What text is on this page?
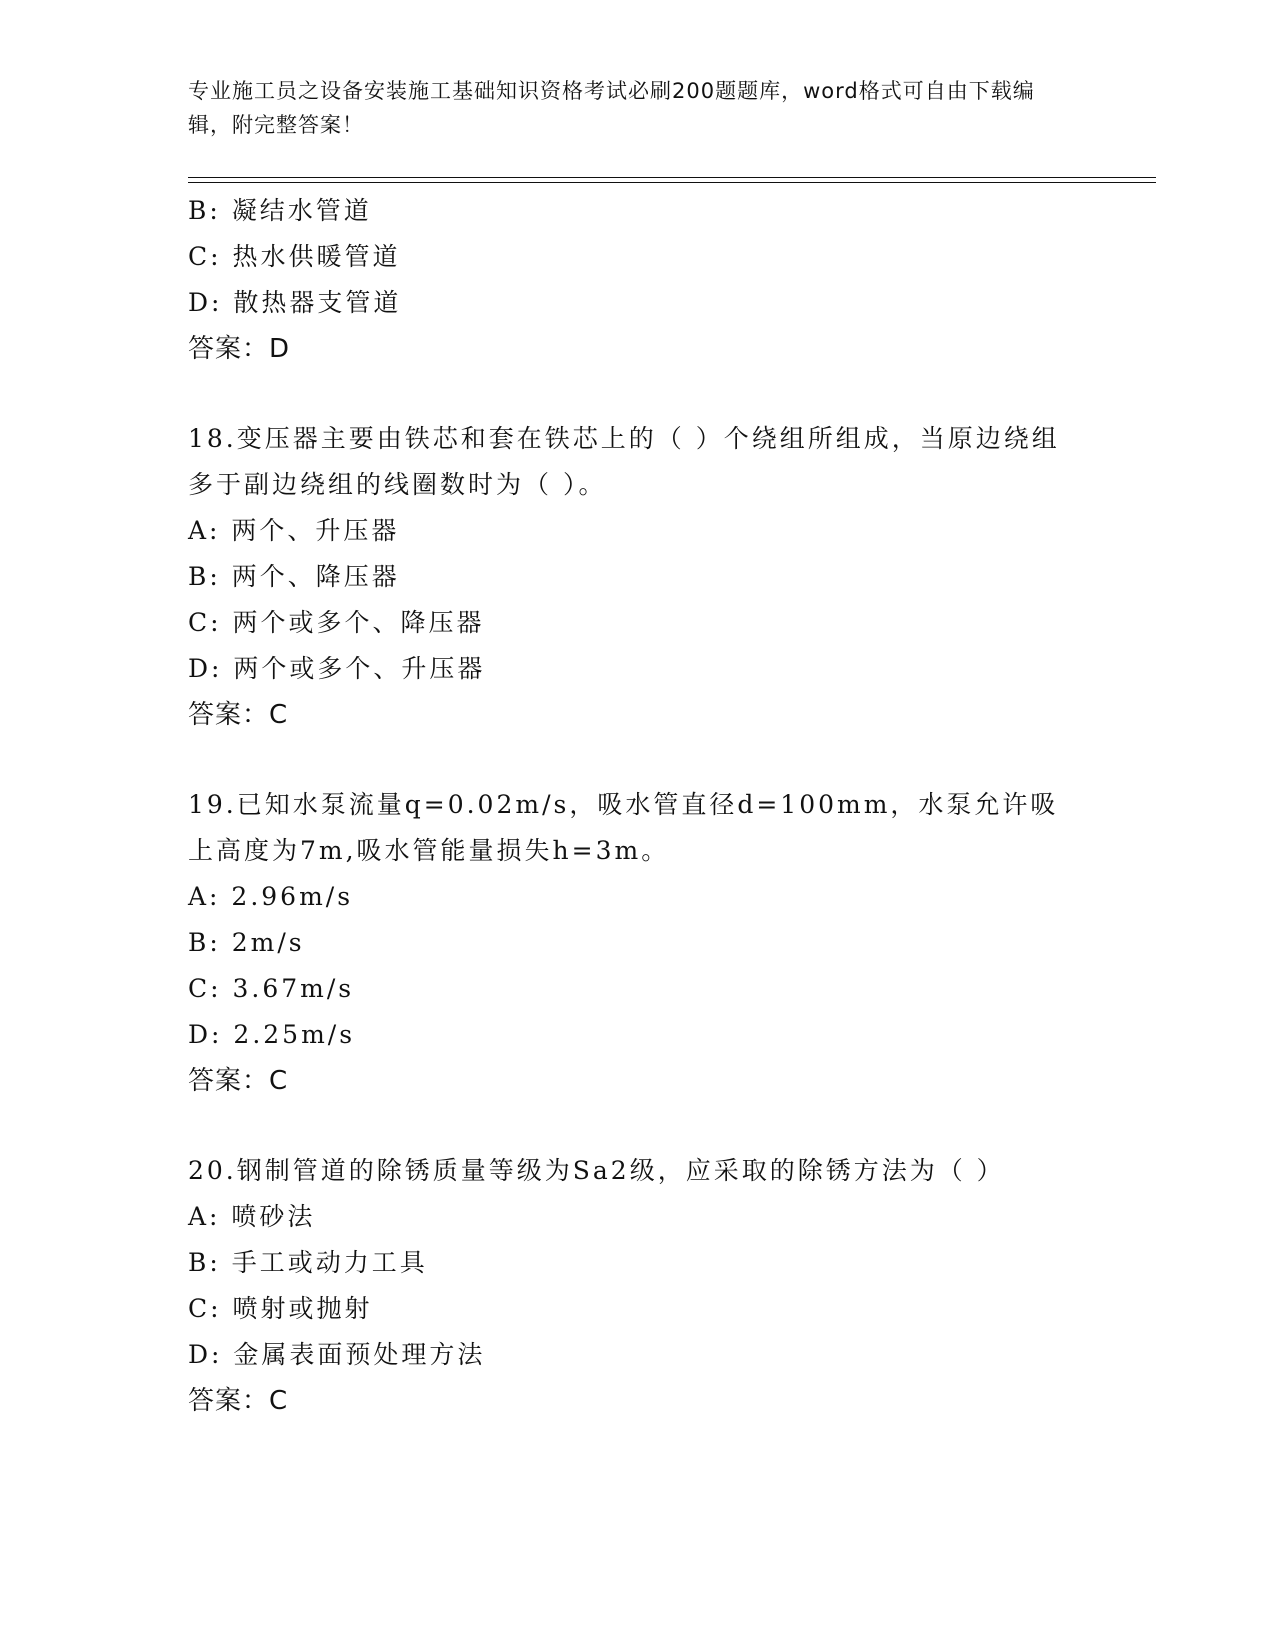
专业施工员之设备安装施工基础知识资格考试必刷200题题库，word格式可自由下载编辑，附完整答案！
B: 凝结水管道
C: 热水供暖管道
D: 散热器支管道
答案：D
18.变压器主要由铁芯和套在铁芯上的（ ）个绕组所组成，当原边绕组多于副边绕组的线圈数时为（ ）。
A: 两个、升压器
B: 两个、降压器
C: 两个或多个、降压器
D: 两个或多个、升压器
答案：C
19.已知水泵流量q=0.02m/s，吸水管直径d=100mm，水泵允许吸上高度为7m,吸水管能量损失h=3m。
A: 2.96m/s
B: 2m/s
C: 3.67m/s
D: 2.25m/s
答案：C
20.钢制管道的除锈质量等级为Sa2级，应采取的除锈方法为（ ）
A: 喷砂法
B: 手工或动力工具
C: 喷射或抛射
D: 金属表面预处理方法
答案：C
